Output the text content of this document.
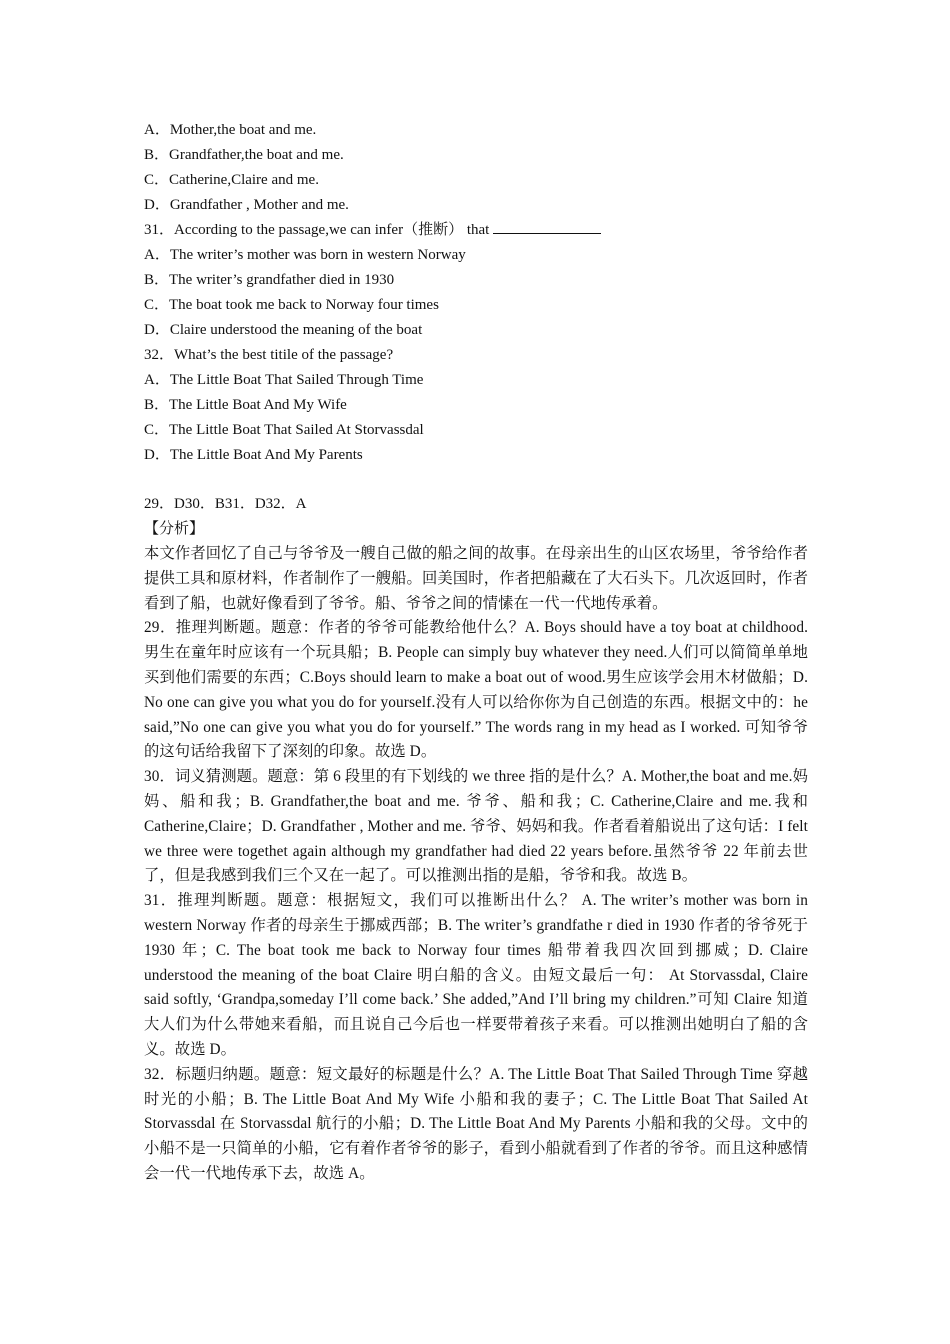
A．Mother,the boat and me.
B．Grandfather,the boat and me.
C．Catherine,Claire and me.
D．Grandfather , Mother and me.
31．According to the passage,we can infer（推断） that
A．The writer’s mother was born in western Norway
B．The writer’s grandfather died in 1930
C．The boat took me back to Norway four times
D．Claire understood the meaning of the boat
32．What’s the best titile of the passage?
A．The Little Boat That Sailed Through Time
B．The Little Boat And My Wife
C．The Little Boat That Sailed At Storvassdal
D．The Little Boat And My Parents
29．D30．B31．D32．A
【分析】
本文作者回忆了自己与爷爷及一艘自己做的船之间的故事。在母亲出生的山区农场里，爷爷给作者提供工具和原材料，作者制作了一艘船。回美国时，作者把船藏在了大石头下。几次返回时，作者看到了船，也就好像看到了爷爷。船、爷爷之间的情愫在一代一代地传承着。
29．推理判断题。题意：作者的爷爷可能教给他什么？A. Boys should have a toy boat at childhood.男生在童年时应该有一个玩具船；B. People can simply buy whatever they need.人们可以简简单单地买到他们需要的东西；C.Boys should learn to make a boat out of wood.男生应该学会用木材做船；D. No one can give you what you do for yourself.没有人可以给你你为自己创造的东西。根据文中的：he said,”No one can give you what you do for yourself.” The words rang in my head as I worked. 可知爷爷的这句话给我留下了深刻的印象。故选 D。
30．词义猜测题。题意：第 6 段里的有下划线的 we three 指的是什么？A. Mother,the boat and me.妈妈、船和我；B. Grandfather,the boat and me. 爷爷、船和我；C. Catherine,Claire and me.我和 Catherine,Claire；D. Grandfather , Mother and me. 爷爷、妈妈和我。作者看着船说出了这句话：I felt we three were togethet again although my grandfather had died 22 years before.虽然爷爷 22 年前去世了，但是我感到我们三个又在一起了。可以推测出指的是船，爷爷和我。故选 B。
31．推理判断题。题意：根据短文，我们可以推断出什么？ A. The writer’s mother was born in western Norway 作者的母亲生于挪威西部；B. The writer’s grandfathe r died in 1930 作者的爷爷死于 1930 年；C. The boat took me back to Norway four times 船带着我四次回到挪威；D. Claire understood the meaning of the boat Claire 明白船的含义。由短文最后一句： At Storvassdal, Claire said softly, ‘Grandpa,someday I’ll come back.’ She added,”And I’ll bring my children.”可知 Claire 知道大人们为什么带她来看船，而且说自己今后也一样要带着孩子来看。可以推测出她明白了船的含义。故选 D。
32．标题归纳题。题意：短文最好的标题是什么？A. The Little Boat That Sailed Through Time 穿越时光的小船；B. The Little Boat And My Wife 小船和我的妻子；C. The Little Boat That Sailed At Storvassdal 在 Storvassdal 航行的小船；D. The Little Boat And My Parents 小船和我的父母。文中的小船不是一只简单的小船，它有着作者爷爷的影子，看到小船就看到了作者的爷爷。而且这种感情会一代一代地传承下去，故选 A。
